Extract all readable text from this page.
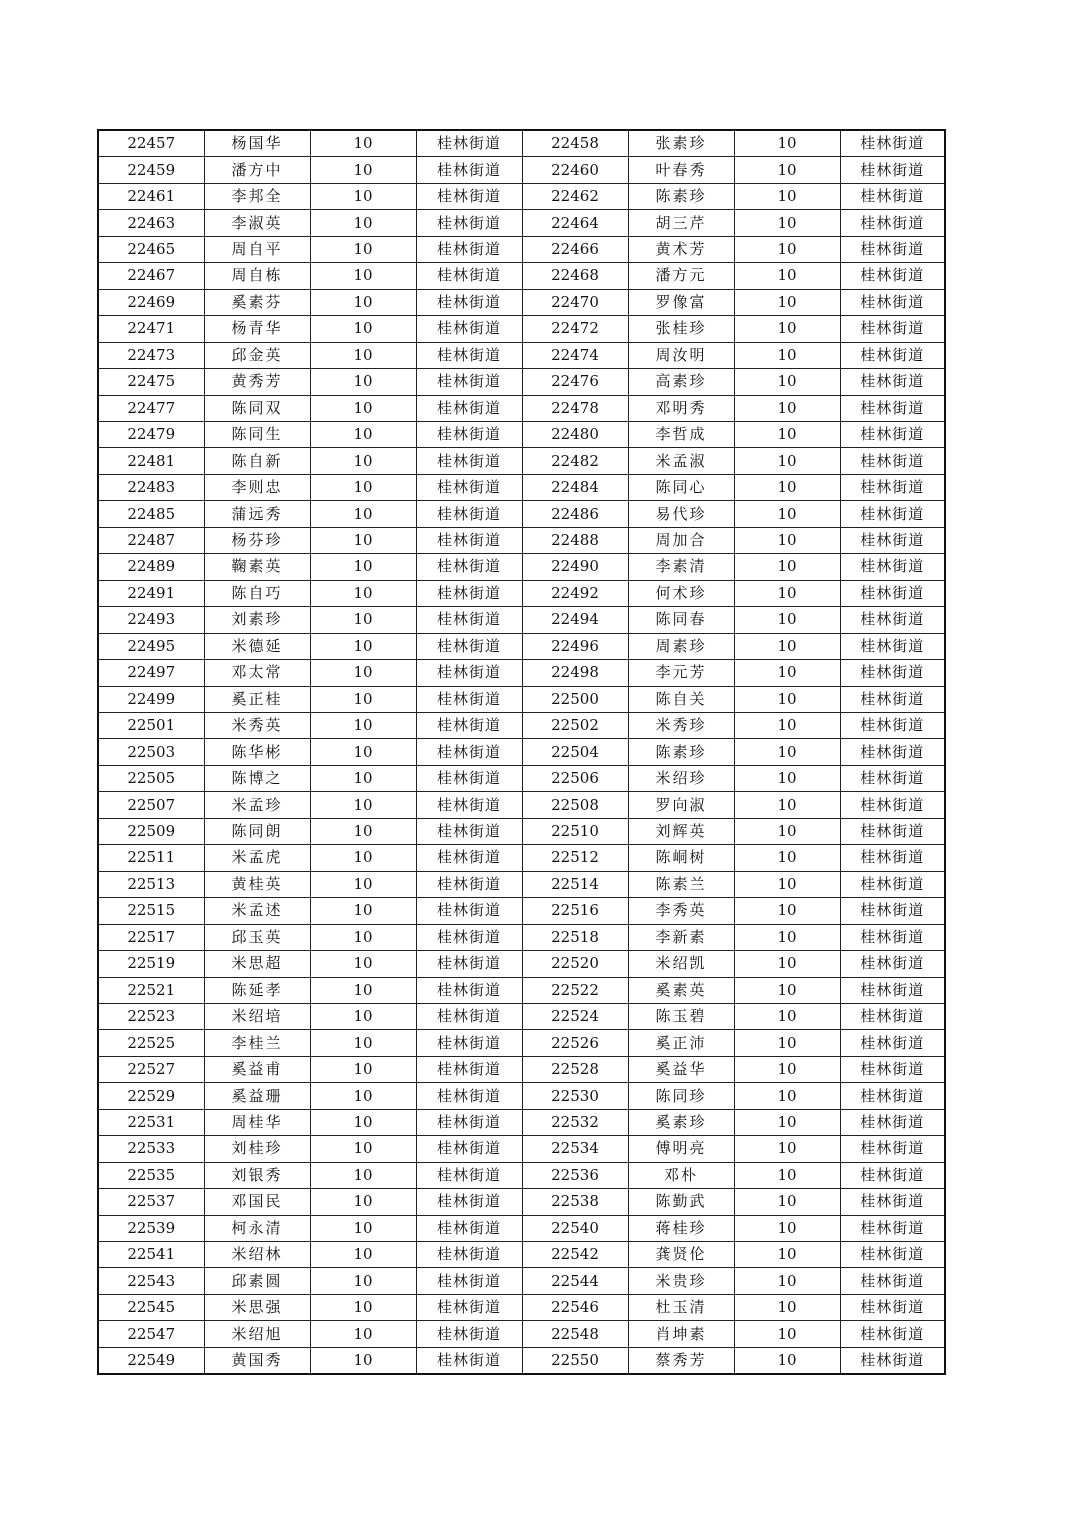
22457	杨国华	10	桂林街道	22458	张素珍	10	桂林街道
22459	潘方中	10	桂林街道	22460	叶春秀	10	桂林街道
22461	李邦全	10	桂林街道	22462	陈素珍	10	桂林街道
22463	李淑英	10	桂林街道	22464	胡三芹	10	桂林街道
22465	周自平	10	桂林街道	22466	黄术芳	10	桂林街道
22467	周自栋	10	桂林街道	22468	潘方元	10	桂林街道
22469	奚素芬	10	桂林街道	22470	罗像富	10	桂林街道
22471	杨青华	10	桂林街道	22472	张桂珍	10	桂林街道
22473	邱金英	10	桂林街道	22474	周汝明	10	桂林街道
22475	黄秀芳	10	桂林街道	22476	高素珍	10	桂林街道
22477	陈同双	10	桂林街道	22478	邓明秀	10	桂林街道
22479	陈同生	10	桂林街道	22480	李哲成	10	桂林街道
22481	陈自新	10	桂林街道	22482	米孟淑	10	桂林街道
22483	李则忠	10	桂林街道	22484	陈同心	10	桂林街道
22485	蒲远秀	10	桂林街道	22486	易代珍	10	桂林街道
22487	杨芬珍	10	桂林街道	22488	周加合	10	桂林街道
22489	鞠素英	10	桂林街道	22490	李素清	10	桂林街道
22491	陈自巧	10	桂林街道	22492	何术珍	10	桂林街道
22493	刘素珍	10	桂林街道	22494	陈同春	10	桂林街道
22495	米德延	10	桂林街道	22496	周素珍	10	桂林街道
22497	邓太常	10	桂林街道	22498	李元芳	10	桂林街道
22499	奚正桂	10	桂林街道	22500	陈自关	10	桂林街道
22501	米秀英	10	桂林街道	22502	米秀珍	10	桂林街道
22503	陈华彬	10	桂林街道	22504	陈素珍	10	桂林街道
22505	陈博之	10	桂林街道	22506	米绍珍	10	桂林街道
22507	米孟珍	10	桂林街道	22508	罗向淑	10	桂林街道
22509	陈同朗	10	桂林街道	22510	刘辉英	10	桂林街道
22511	米孟虎	10	桂林街道	22512	陈峒树	10	桂林街道
22513	黄桂英	10	桂林街道	22514	陈素兰	10	桂林街道
22515	米孟述	10	桂林街道	22516	李秀英	10	桂林街道
22517	邱玉英	10	桂林街道	22518	李新素	10	桂林街道
22519	米思超	10	桂林街道	22520	米绍凯	10	桂林街道
22521	陈延孝	10	桂林街道	22522	奚素英	10	桂林街道
22523	米绍培	10	桂林街道	22524	陈玉碧	10	桂林街道
22525	李桂兰	10	桂林街道	22526	奚正沛	10	桂林街道
22527	奚益甫	10	桂林街道	22528	奚益华	10	桂林街道
22529	奚益珊	10	桂林街道	22530	陈同珍	10	桂林街道
22531	周桂华	10	桂林街道	22532	奚素珍	10	桂林街道
22533	刘桂珍	10	桂林街道	22534	傅明亮	10	桂林街道
22535	刘银秀	10	桂林街道	22536	邓朴	10	桂林街道
22537	邓国民	10	桂林街道	22538	陈勤武	10	桂林街道
22539	柯永清	10	桂林街道	22540	蒋桂珍	10	桂林街道
22541	米绍林	10	桂林街道	22542	龚贤伦	10	桂林街道
22543	邱素圆	10	桂林街道	22544	米贵珍	10	桂林街道
22545	米思强	10	桂林街道	22546	杜玉清	10	桂林街道
22547	米绍旭	10	桂林街道	22548	肖坤素	10	桂林街道
22549	黄国秀	10	桂林街道	22550	蔡秀芳	10	桂林街道
